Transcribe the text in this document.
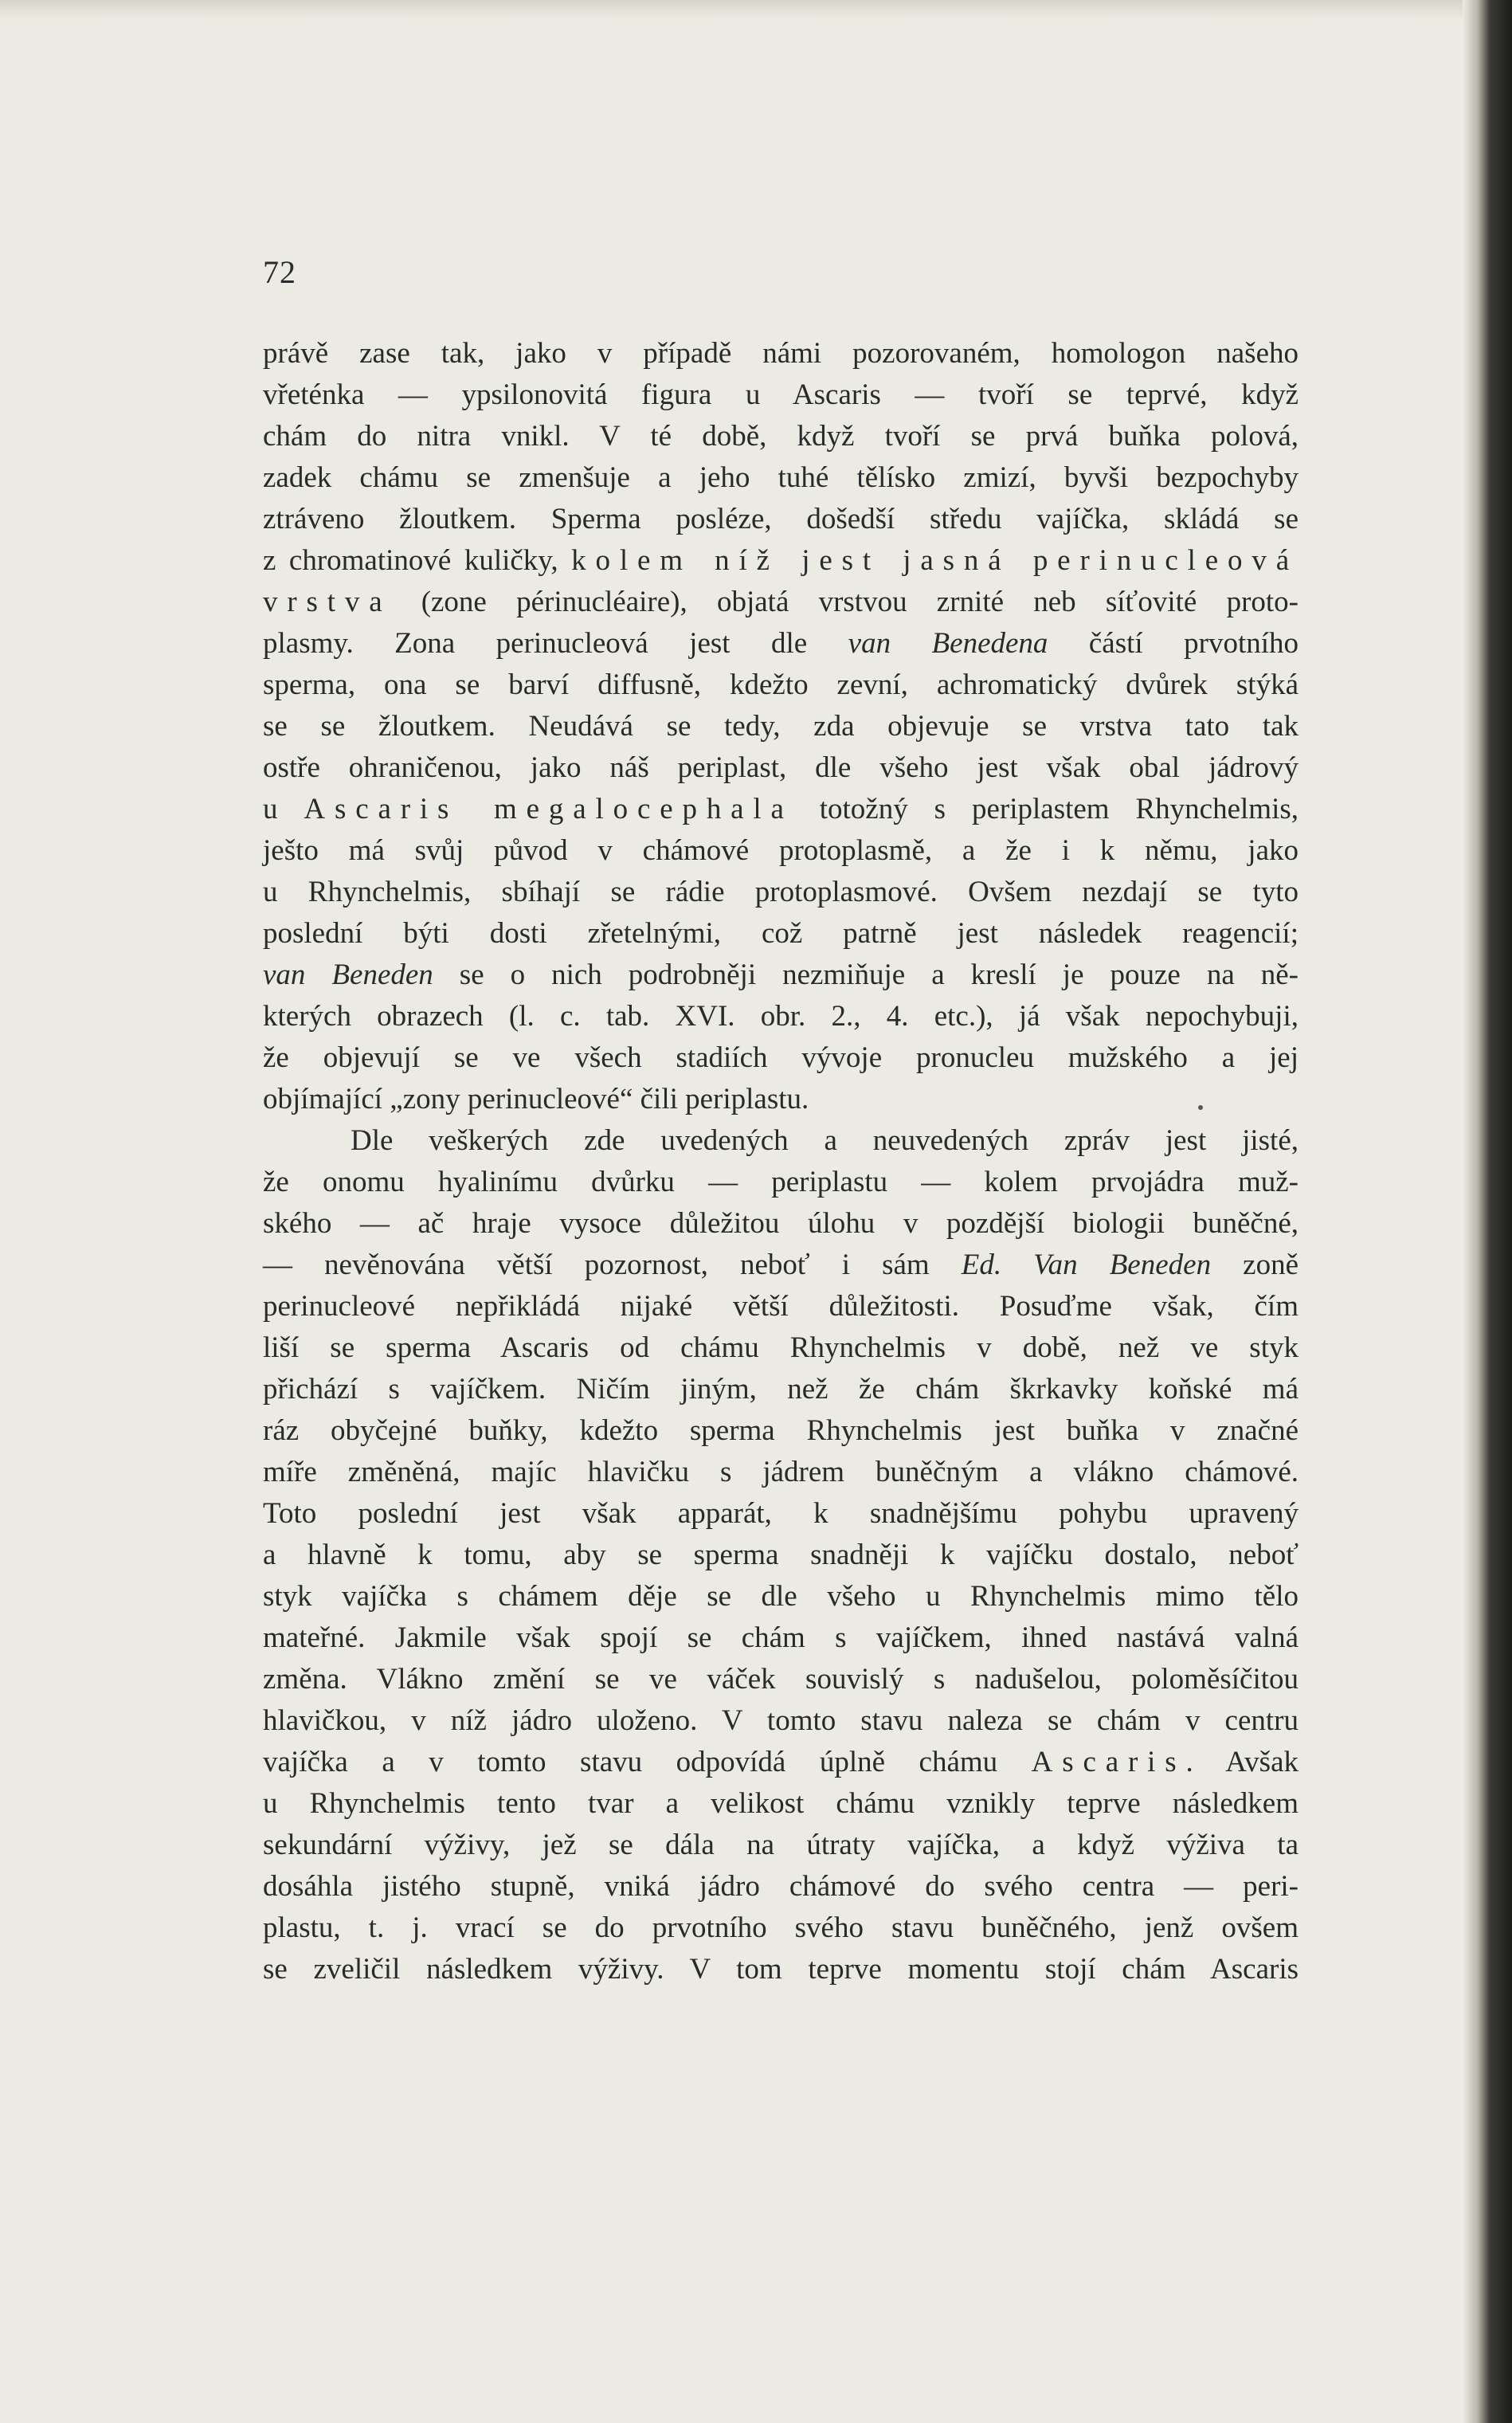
72
právě zase tak, jako v případě námi pozorovaném, homologon našeho
vřeténka — ypsilonovitá figura u Ascaris — tvoří se teprvé, když
chám do nitra vnikl. V té době, když tvoří se prvá buňka polová,
zadek chámu se zmenšuje a jeho tuhé tělísko zmizí, byvši bezpochyby
ztráveno žloutkem. Sperma posléze, došedší středu vajíčka, skládá se
z chromatinové kuličky, kolem níž jest jasná perinucleová
vrstva (zone périnucléaire), objatá vrstvou zrnité neb síťovité proto-
plasmy. Zona perinucleová jest dle van Benedena částí prvotního
sperma, ona se barví diffusně, kdežto zevní, achromatický dvůrek stýká
se se žloutkem. Neudává se tedy, zda objevuje se vrstva tato tak
ostře ohraničenou, jako náš periplast, dle všeho jest však obal jádrový
u Ascaris megalocephala totožný s periplastem Rhynchelmis,
ješto má svůj původ v chámové protoplasmě, a že i k němu, jako
u Rhynchelmis, sbíhají se rádie protoplasmové. Ovšem nezdají se tyto
poslední býti dosti zřetelnými, což patrně jest následek reagencií;
van Beneden se o nich podrobněji nezmiňuje a kreslí je pouze na ně-
kterých obrazech (l. c. tab. XVI. obr. 2., 4. etc.), já však nepochybuji,
že objevují se ve všech stadiích vývoje pronucleu mužského a jej
objímající „zony perinucleové“ čili periplastu.
Dle veškerých zde uvedených a neuvedených zpráv jest jisté,
že onomu hyalinímu dvůrku — periplastu — kolem prvojádra muž-
ského — ač hraje vysoce důležitou úlohu v pozdější biologii buněčné,
— nevěnována větší pozornost, neboť i sám Ed. Van Beneden zoně
perinucleové nepřikládá nijaké větší důležitosti. Posuďme však, čím
liší se sperma Ascaris od chámu Rhynchelmis v době, než ve styk
přichází s vajíčkem. Ničím jiným, než že chám škrkavky koňské má
ráz obyčejné buňky, kdežto sperma Rhynchelmis jest buňka v značné
míře změněná, majíc hlavičku s jádrem buněčným a vlákno chámové.
Toto poslední jest však apparát, k snadnějšímu pohybu upravený
a hlavně k tomu, aby se sperma snadněji k vajíčku dostalo, neboť
styk vajíčka s chámem děje se dle všeho u Rhynchelmis mimo tělo
mateřné. Jakmile však spojí se chám s vajíčkem, ihned nastává valná
změna. Vlákno změní se ve váček souvislý s nadušelou, poloměsíčitou
hlavičkou, v níž jádro uloženo. V tomto stavu naleza se chám v centru
vajíčka a v tomto stavu odpovídá úplně chámu Ascaris. Avšak
u Rhynchelmis tento tvar a velikost chámu vznikly teprve následkem
sekundární výživy, jež se dála na útraty vajíčka, a když výživa ta
dosáhla jistého stupně, vniká jádro chámové do svého centra — peri-
plastu, t. j. vrací se do prvotního svého stavu buněčného, jenž ovšem
se zveličil následkem výživy. V tom teprve momentu stojí chám Ascaris
